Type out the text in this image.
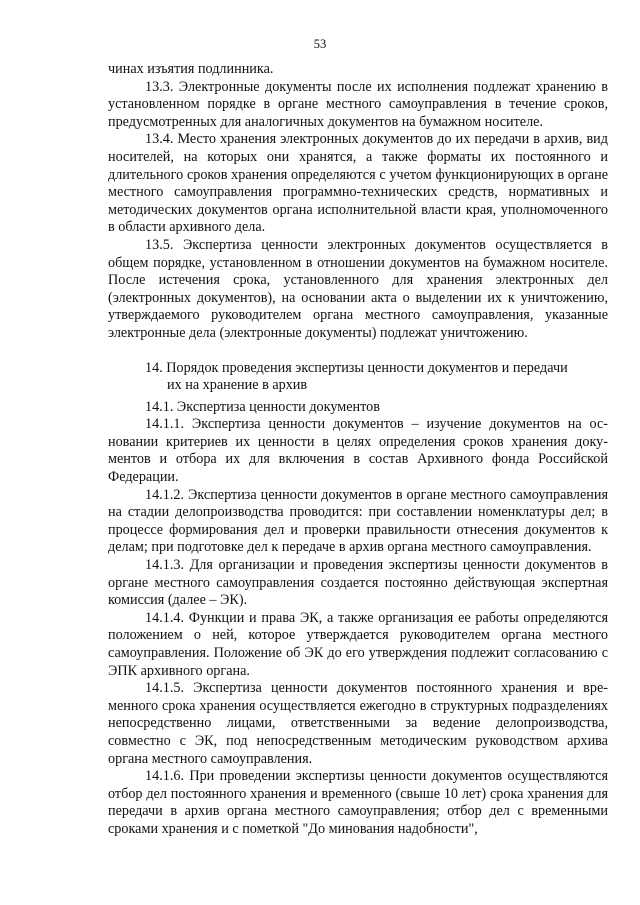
53

чинах изъятия подлинника.

13.3. Электронные документы после их исполнения подлежат хранению в установленном порядке в органе местного самоуправления в течение сроков, предусмотренных для аналогичных документов на бумажном носителе.

13.4. Место хранения электронных документов до их передачи в архив, вид носителей, на которых они хранятся, а также форматы их постоянного и длительного сроков хранения определяются с учетом функционирующих в органе местного самоуправления программно-технических средств, нормативных и методических документов органа исполнительной власти края, уполномоченного в области архивного дела.

13.5. Экспертиза ценности электронных документов осуществляется в общем порядке, установленном в отношении документов на бумажном носителе. После истечения срока, установленного для хранения электронных дел (электронных документов), на основании акта о выделении их к уничтожению, утверждаемого руководителем органа местного самоуправления, указанные электронные дела (электронные документы) подлежат уничтожению.

14. Порядок проведения экспертизы ценности документов и передачи
их на хранение в архив

14.1. Экспертиза ценности документов

14.1.1. Экспертиза ценности документов – изучение документов на основании критериев их ценности в целях определения сроков хранения документов и отбора их для включения в состав Архивного фонда Российской Федерации.

14.1.2. Экспертиза ценности документов в органе местного самоуправления на стадии делопроизводства проводится: при составлении номенклатуры дел; в процессе формирования дел и проверки правильности отнесения документов к делам; при подготовке дел к передаче в архив органа местного самоуправления.

14.1.3. Для организации и проведения экспертизы ценности документов в органе местного самоуправления создается постоянно действующая экспертная комиссия (далее – ЭК).

14.1.4. Функции и права ЭК, а также организация ее работы определяются положением о ней, которое утверждается руководителем органа местного самоуправления. Положение об ЭК до его утверждения подлежит согласованию с ЭПК архивного органа.

14.1.5. Экспертиза ценности документов постоянного хранения и временного срока хранения осуществляется ежегодно в структурных подразделениях непосредственно лицами, ответственными за ведение делопроизводства, совместно с ЭК, под непосредственным методическим руководством архива органа местного самоуправления.

14.1.6. При проведении экспертизы ценности документов осуществляются отбор дел постоянного хранения и временного (свыше 10 лет) срока хранения для передачи в архив органа местного самоуправления; отбор дел с временными сроками хранения и с пометкой "До минования надобности",
